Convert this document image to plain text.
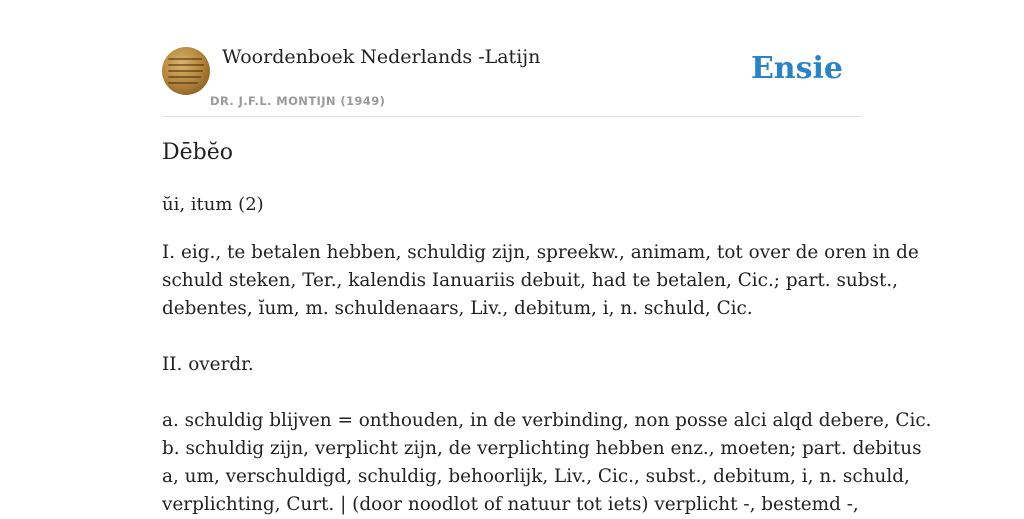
Woordenboek Nederlands -Latijn
DR. J.F.L. MONTIJN (1949)
Ensie
Dēbĕo
ŭi, itum (2)

I. eig., te betalen hebben, schuldig zijn, spreekw., animam, tot over de oren in de

schuld steken, Ter., kalendis Ianuariis debuit, had te betalen, Cic.; part. subst.,

debentes, ĭum, m. schuldenaars, Liv., debitum, i, n. schuld, Cic.

II. overdr.

a. schuldig blijven = onthouden, in de verbinding, non posse alci alqd debere, Cic.

b. schuldig zijn, verplicht zijn, de verplichting hebben enz., moeten; part. debitus

a, um, verschuldigd, schuldig, behoorlijk, Liv., Cic., subst., debitum, i, n. schuld,

verplichting, Curt. | (door noodlot of natuur tot iets) verplicht -, bestemd -,
